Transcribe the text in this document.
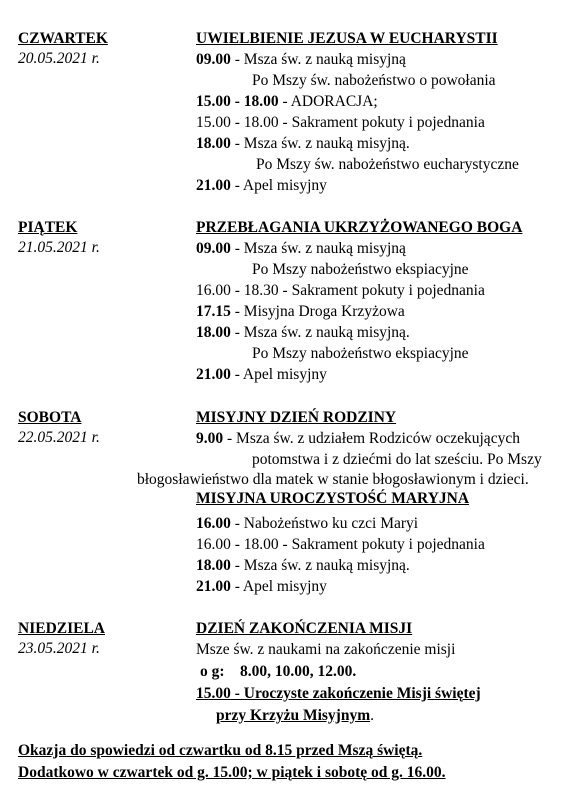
CZWARTEK
20.05.2021 r.
UWIELBIENIE JEZUSA W EUCHARYSTII
09.00 - Msza św. z nauką misyjną
Po Mszy św. nabożeństwo o powołania
15.00 - 18.00 - ADORACJA;
15.00 - 18.00 - Sakrament pokuty i pojednania
18.00 - Msza św. z nauką misyjną.
Po Mszy św. nabożeństwo eucharystyczne
21.00 - Apel misyjny
PIĄTEK
21.05.2021 r.
PRZEBŁAGANIA UKRZYŻOWANEGO BOGA
09.00 - Msza św. z nauką misyjną
Po Mszy nabożeństwo ekspiacyjne
16.00 - 18.30 - Sakrament pokuty i pojednania
17.15 - Misyjna Droga Krzyżowa
18.00 - Msza św. z nauką misyjną.
Po Mszy nabożeństwo ekspiacyjne
21.00 - Apel misyjny
SOBOTA
22.05.2021 r.
MISYJNY DZIEŃ RODZINY
9.00 - Msza św. z udziałem Rodziców oczekujących
potomstwa i z dziećmi do lat sześciu. Po Mszy
błogosławieństwo dla matek w stanie błogosławionym i dzieci.
MISYJNA UROCZYSTOŚĆ MARYJNA
16.00 - Nabożeństwo ku czci Maryi
16.00 - 18.00 - Sakrament pokuty i pojednania
18.00 - Msza św. z nauką misyjną.
21.00 - Apel misyjny
NIEDZIELA
23.05.2021 r.
DZIEŃ ZAKOŃCZENIA MISJI
Msze św. z naukami na zakończenie misji
o g:    8.00, 10.00, 12.00.
15.00 - Uroczyste zakończenie Misji świętej
przy Krzyżu Misyjnym.
Okazja do spowiedzi od czwartku od 8.15 przed Mszą świętą.
Dodatkowo w czwartek od g. 15.00; w piątek i sobotę od g. 16.00.
